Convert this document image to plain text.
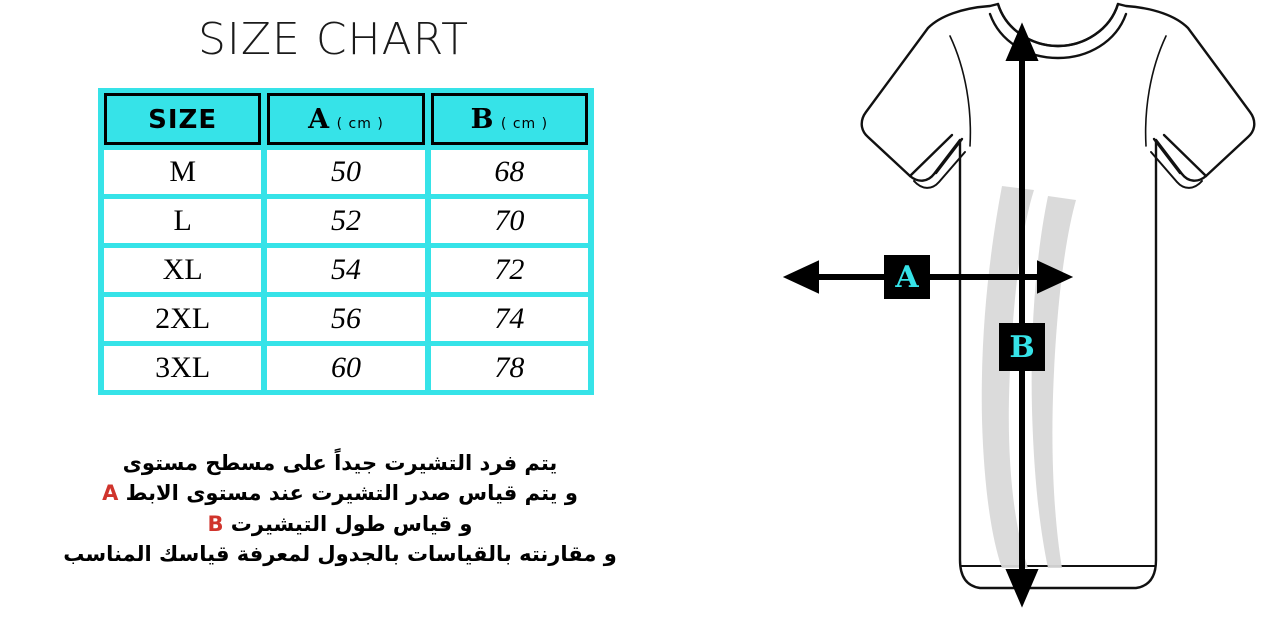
SIZE CHART
SIZE	A ( cm )	B ( cm )
M	50	68
L	52	70
XL	54	72
2XL	56	74
3XL	60	78
يتم فرد التشيرت جيداً على مسطح مستوى
و يتم قياس صدر التشيرت عند مستوى الابط A
و قياس طول التيشيرت B
و مقارنته بالقياسات بالجدول لمعرفة قياسك المناسب
A
B
